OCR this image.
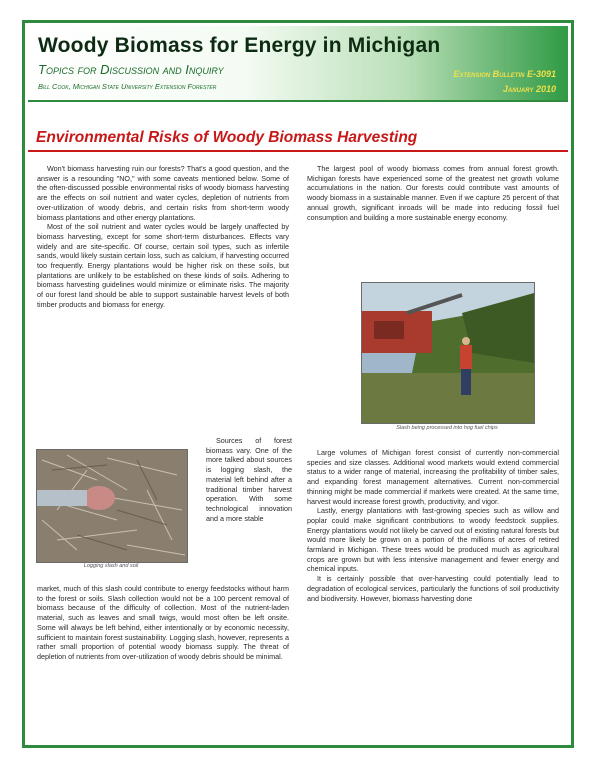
Woody Biomass for Energy in Michigan
Topics for Discussion and Inquiry
Bill Cook, Michigan State University Extension Forester
Extension Bulletin E-3091
January 2010
Environmental Risks of Woody Biomass Harvesting

Won't biomass harvesting ruin our forests? That's a good question, and the answer is a resounding "NO," with some caveats mentioned below. Some of the often-discussed possible environmental risks of woody biomass harvesting are the effects on soil nutrient and water cycles, depletion of nutrients from over-utilization of woody debris, and certain risks from short-term woody biomass plantations and other energy plantations.

Most of the soil nutrient and water cycles would be largely unaffected by biomass harvesting, except for some short-term disturbances. Effects vary widely and are site-specific. Of course, certain soil types, such as infertile sands, would likely sustain certain loss, such as calcium, if harvesting occurred too frequently. Energy plantations would be higher risk on these soils, but plantations are unlikely to be established on these kinds of soils. Adhering to biomass harvesting guidelines would minimize or eliminate risks. The majority of our forest land should be able to support sustainable harvest levels of both timber products and biomass for energy.

Logging slash and soil

Sources of forest biomass vary. One of the more talked about sources is logging slash, the material left behind after a traditional timber harvest operation. With some technological innovation and a more stable

market, much of this slash could contribute to energy feedstocks without harm to the forest or soils. Slash collection would not be a 100 percent removal of biomass because of the difficulty of collection. Most of the nutrient-laden material, such as leaves and small twigs, would most often be left onsite. Some will always be left behind, either intentionally or by economic necessity, sufficient to maintain forest sustainability. Logging slash, however, represents a rather small proportion of potential woody biomass supply. The threat of depletion of nutrients from over-utilization of woody debris should be minimal.

The largest pool of woody biomass comes from annual forest growth. Michigan forests have experienced some of the greatest net growth volume accumulations in the nation. Our forests could contribute vast amounts of woody biomass in a sustainable manner. Even if we capture 25 percent of that annual growth, significant inroads will be made into reducing fossil fuel consumption and building a more sustainable energy economy.

Slash being processed into hog fuel chips

Large volumes of Michigan forest consist of currently non-commercial species and size classes. Additional wood markets would extend commercial status to a wider range of material, increasing the profitability of timber sales, and expanding forest management alternatives. Current non-commercial thinning might be made commercial if markets were created. At the same time, harvest would increase forest growth, productivity, and vigor.

Lastly, energy plantations with fast-growing species such as willow and poplar could make significant contributions to woody feedstock supplies. Energy plantations would not likely be carved out of existing natural forests but would more likely be grown on a portion of the millions of acres of retired farmland in Michigan. These trees would be produced much as agricultural crops are grown but with less intensive management and fewer energy and chemical inputs.

It is certainly possible that over-harvesting could potentially lead to degradation of ecological services, particularly the functions of soil productivity and biodiversity. However, biomass harvesting done
